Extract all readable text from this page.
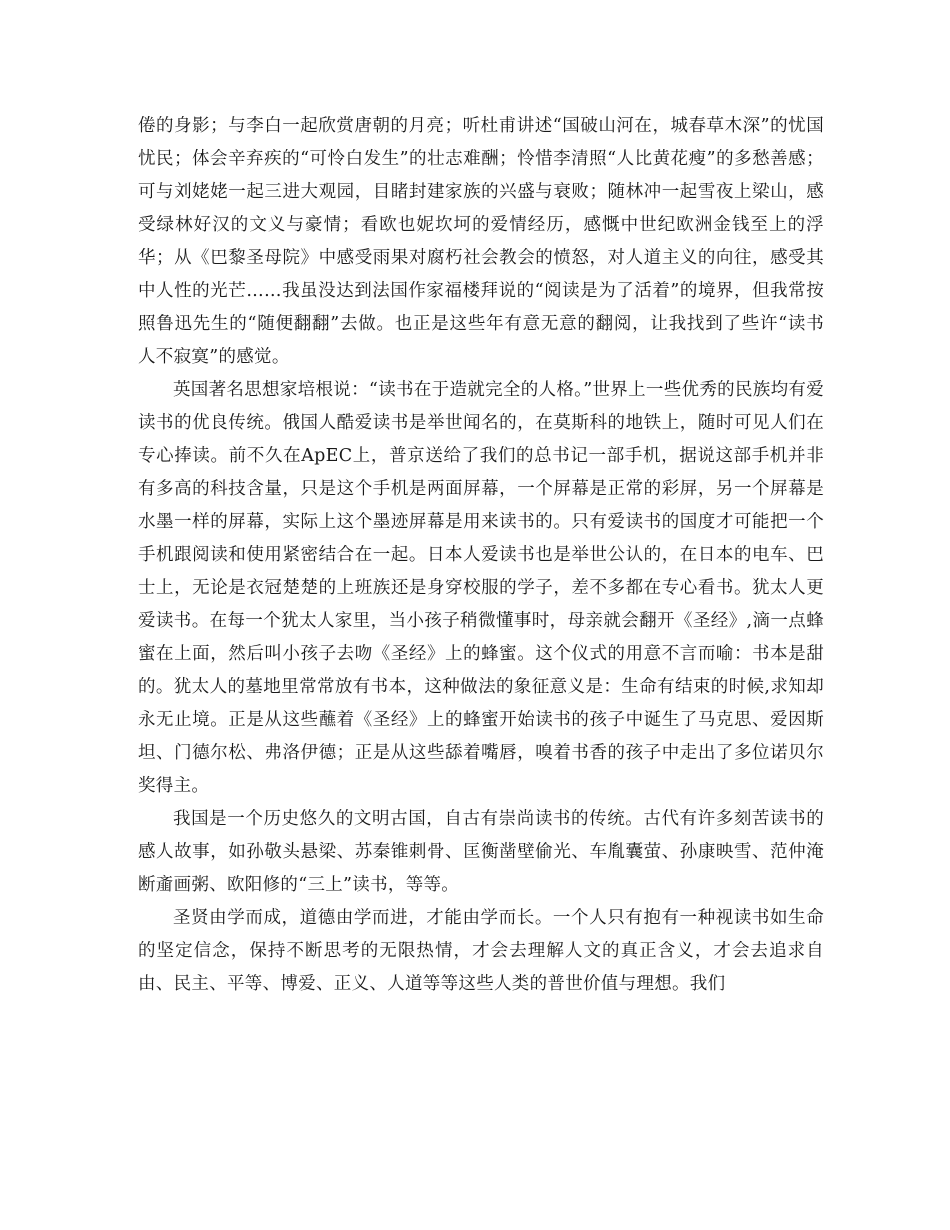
倦的身影；与李白一起欣赏唐朝的月亮；听杜甫讲述“国破山河在，城春草木深”的忧国忧民；体会辛弃疾的“可怜白发生”的壮志难酬；怜惜李清照“人比黄花瘦”的多愁善感；可与刘姥姥一起三进大观园，目睹封建家族的兴盛与衰败；随林冲一起雪夜上梁山，感受绿林好汉的文义与豪情；看欧也妮坎坷的爱情经历，感慨中世纪欧洲金钱至上的浮华；从《巴黎圣母院》中感受雨果对腐朽社会教会的愤怒，对人道主义的向往，感受其中人性的光芒……我虽没达到法国作家福楼拜说的“阅读是为了活着”的境界，但我常按照鲁迅先生的“随便翻翻”去做。也正是这些年有意无意的翻阅，让我找到了些许“读书人不寂寞”的感觉。

英国著名思想家培根说：“读书在于造就完全的人格。”世界上一些优秀的民族均有爱读书的优良传统。俄国人酷爱读书是举世闻名的，在莫斯科的地铁上，随时可见人们在专心捧读。前不久在ApEC上，普京送给了我们的总书记一部手机，据说这部手机并非有多高的科技含量，只是这个手机是两面屏幕，一个屏幕是正常的彩屏，另一个屏幕是水墨一样的屏幕，实际上这个墨迹屏幕是用来读书的。只有爱读书的国度才可能把一个手机跟阅读和使用紧密结合在一起。日本人爱读书也是举世公认的，在日本的电车、巴士上，无论是衣冠楚楚的上班族还是身穿校服的学子，差不多都在专心看书。犹太人更爱读书。在每一个犹太人家里，当小孩子稍微懂事时，母亲就会翻开《圣经》,滴一点蜂蜜在上面，然后叫小孩子去吻《圣经》上的蜂蜜。这个仪式的用意不言而喻：书本是甜的。犹太人的墓地里常常放有书本，这种做法的象征意义是：生命有结束的时候,求知却永无止境。正是从这些蘸着《圣经》上的蜂蜜开始读书的孩子中诞生了马克思、爱因斯坦、门德尔松、弗洛伊德；正是从这些舔着嘴唇，嗅着书香的孩子中走出了多位诺贝尔奖得主。

我国是一个历史悠久的文明古国，自古有崇尚读书的传统。古代有许多刻苦读书的感人故事，如孙敬头悬梁、苏秦锥刺骨、匡衡凿壁偷光、车胤囊萤、孙康映雪、范仲淹断齑画粥、欧阳修的“三上”读书，等等。

圣贤由学而成，道德由学而进，才能由学而长。一个人只有抱有一种视读书如生命的坚定信念，保持不断思考的无限热情，才会去理解人文的真正含义，才会去追求自由、民主、平等、博爱、正义、人道等等这些人类的普世价值与理想。我们
